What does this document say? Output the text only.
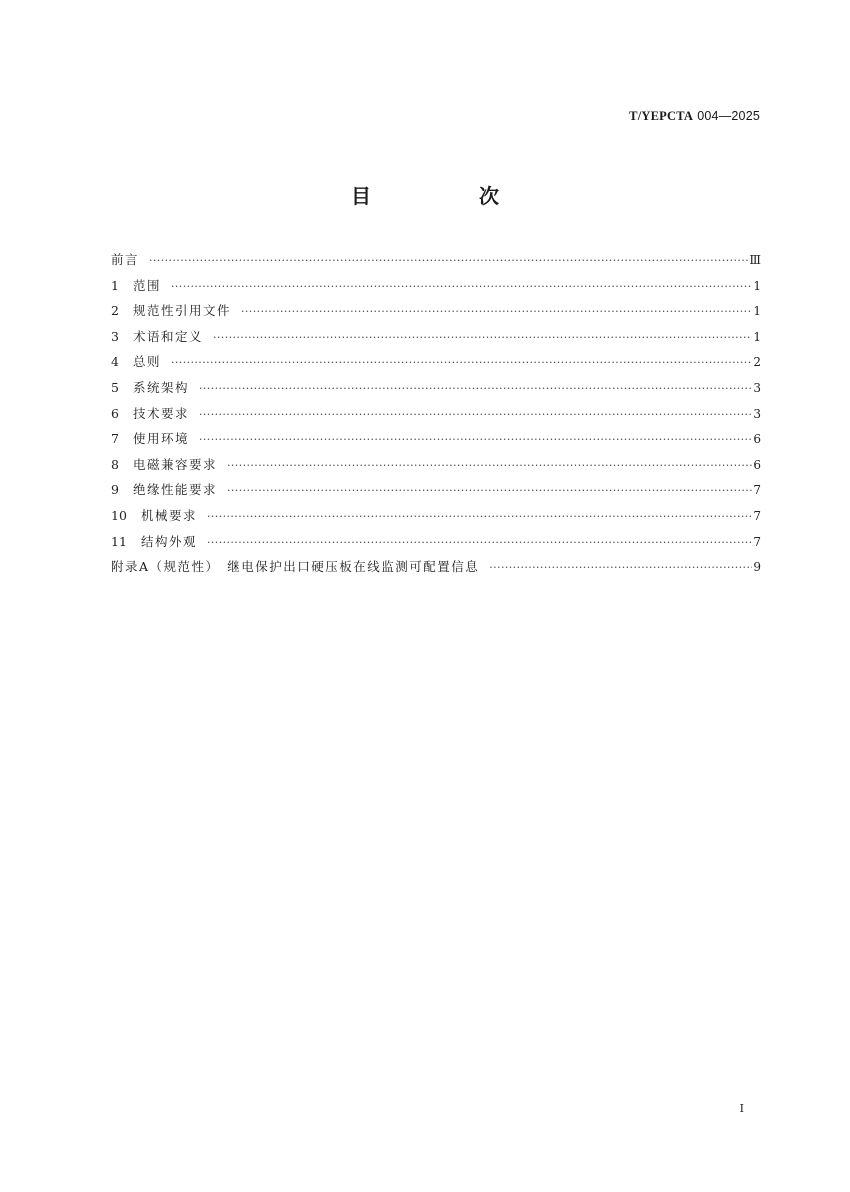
T/YEPCTA 004—2025
目　次
前言 ·····	Ⅲ
1	范围 ·····	1
2	规范性引用文件 ·····	1
3	术语和定义 ·····	1
4	总则 ·····	2
5	系统架构 ·····	3
6	技术要求 ·····	3
7	使用环境 ·····	6
8	电磁兼容要求 ·····	6
9	绝缘性能要求 ·····	7
10	机械要求 ·····	7
11	结构外观 ·····	7
附录A（规范性）　继电保护出口硬压板在线监测可配置信息 ·····	9
I
